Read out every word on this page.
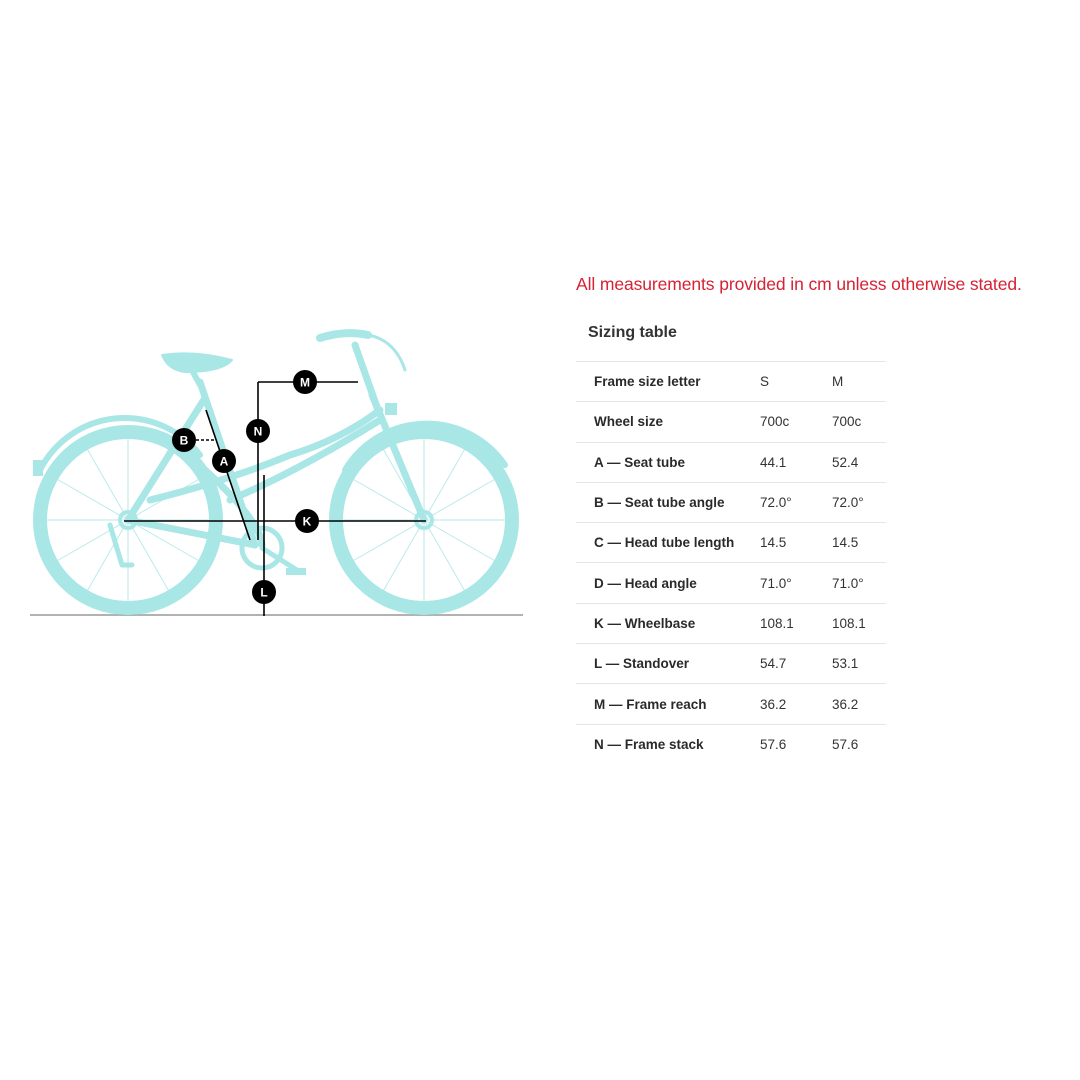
M
N
B
A
K
L
All measurements provided in cm unless otherwise stated.
Sizing table
Frame size letter	S	M
Wheel size	700c	700c
A — Seat tube	44.1	52.4
B — Seat tube angle	72.0°	72.0°
C — Head tube length	14.5	14.5
D — Head angle	71.0°	71.0°
K — Wheelbase	108.1	108.1
L — Standover	54.7	53.1
M — Frame reach	36.2	36.2
N — Frame stack	57.6	57.6
